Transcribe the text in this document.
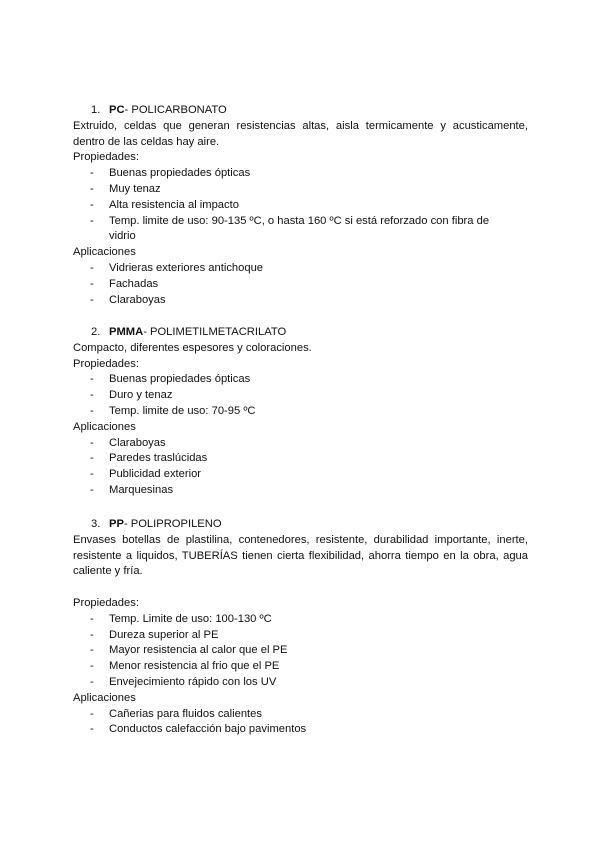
1. PC - POLICARBONATO

Extruido, celdas que generan resistencias altas, aisla termicamente y acusticamente, dentro de las celdas hay aire.

Propiedades:

-	Buenas propiedades ópticas
-	Muy tenaz
-	Alta resistencia al impacto
-	Temp. limite de uso: 90-135 ºC, o hasta 160 ºC si está reforzado con fibra de vidrio

Aplicaciones

-	Vidrieras exteriores antichoque
-	Fachadas
-	Claraboyas

2. PMMA - POLIMETILMETACRILATO

Compacto, diferentes espesores y coloraciones.

Propiedades:

-	Buenas propiedades ópticas
-	Duro y tenaz
-	Temp. limite de uso: 70-95 ºC

Aplicaciones

-	Claraboyas
-	Paredes traslúcidas
-	Publicidad exterior
-	Marquesinas

3. PP - POLIPROPILENO

Envases botellas de plastilina, contenedores, resistente, durabilidad importante, inerte, resistente a liquidos, TUBERÍAS tienen cierta flexibilidad, ahorra tiempo en la obra, agua caliente y fría.

Propiedades:

-	Temp. Limite de uso: 100-130 ºC
-	Dureza superior al PE
-	Mayor resistencia al calor que el PE
-	Menor resistencia al frio que el PE
-	Envejecimiento rápido con los UV

Aplicaciones

-	Cañerias para fluidos calientes
-	Conductos calefacción bajo pavimentos
